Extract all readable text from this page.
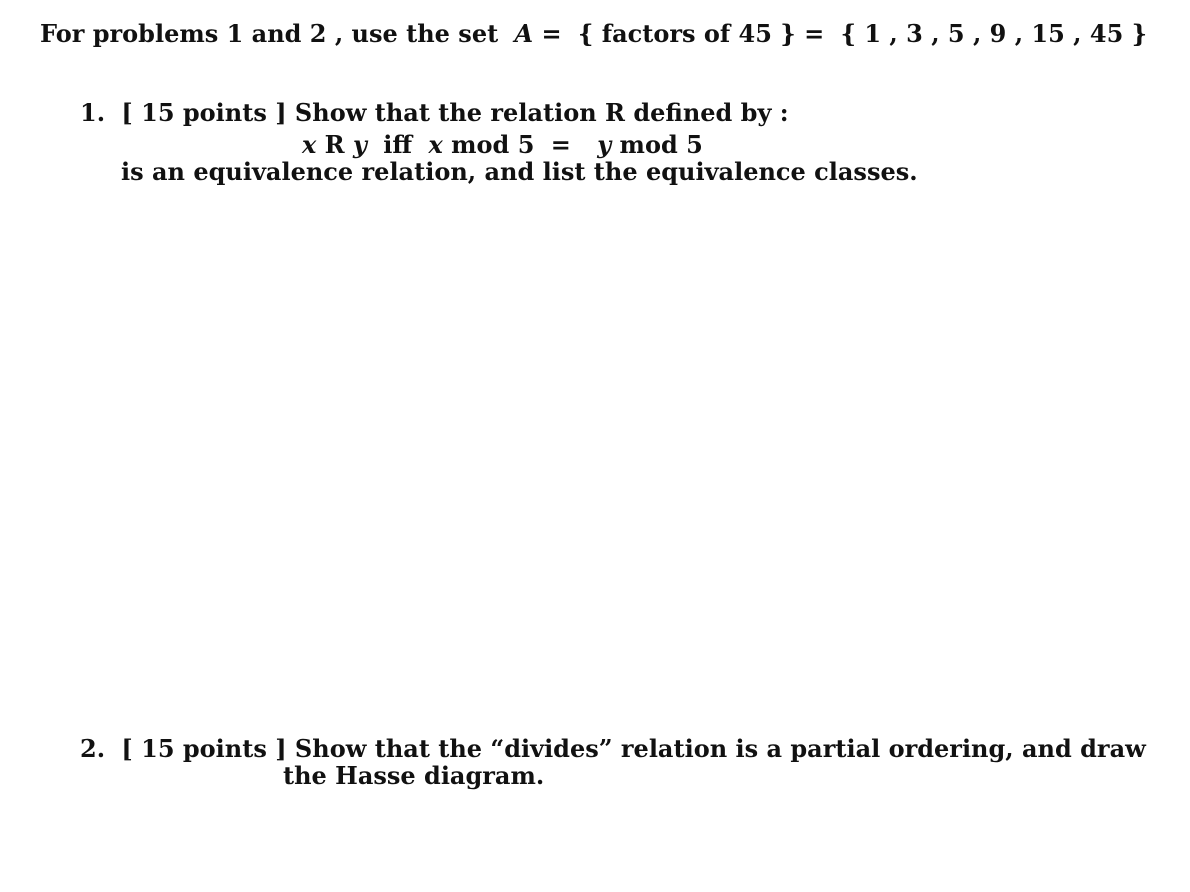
For problems 1 and 2 , use the set A = { factors of 45 } = { 1 , 3 , 5 , 9 , 15 , 45 }
1. [ 15 points ] Show that the relation R defined by :
x R y iff x mod 5 = y mod 5
is an equivalence relation, and list the equivalence classes.
2. [ 15 points ] Show that the “divides” relation is a partial ordering, and draw
the Hasse diagram.
